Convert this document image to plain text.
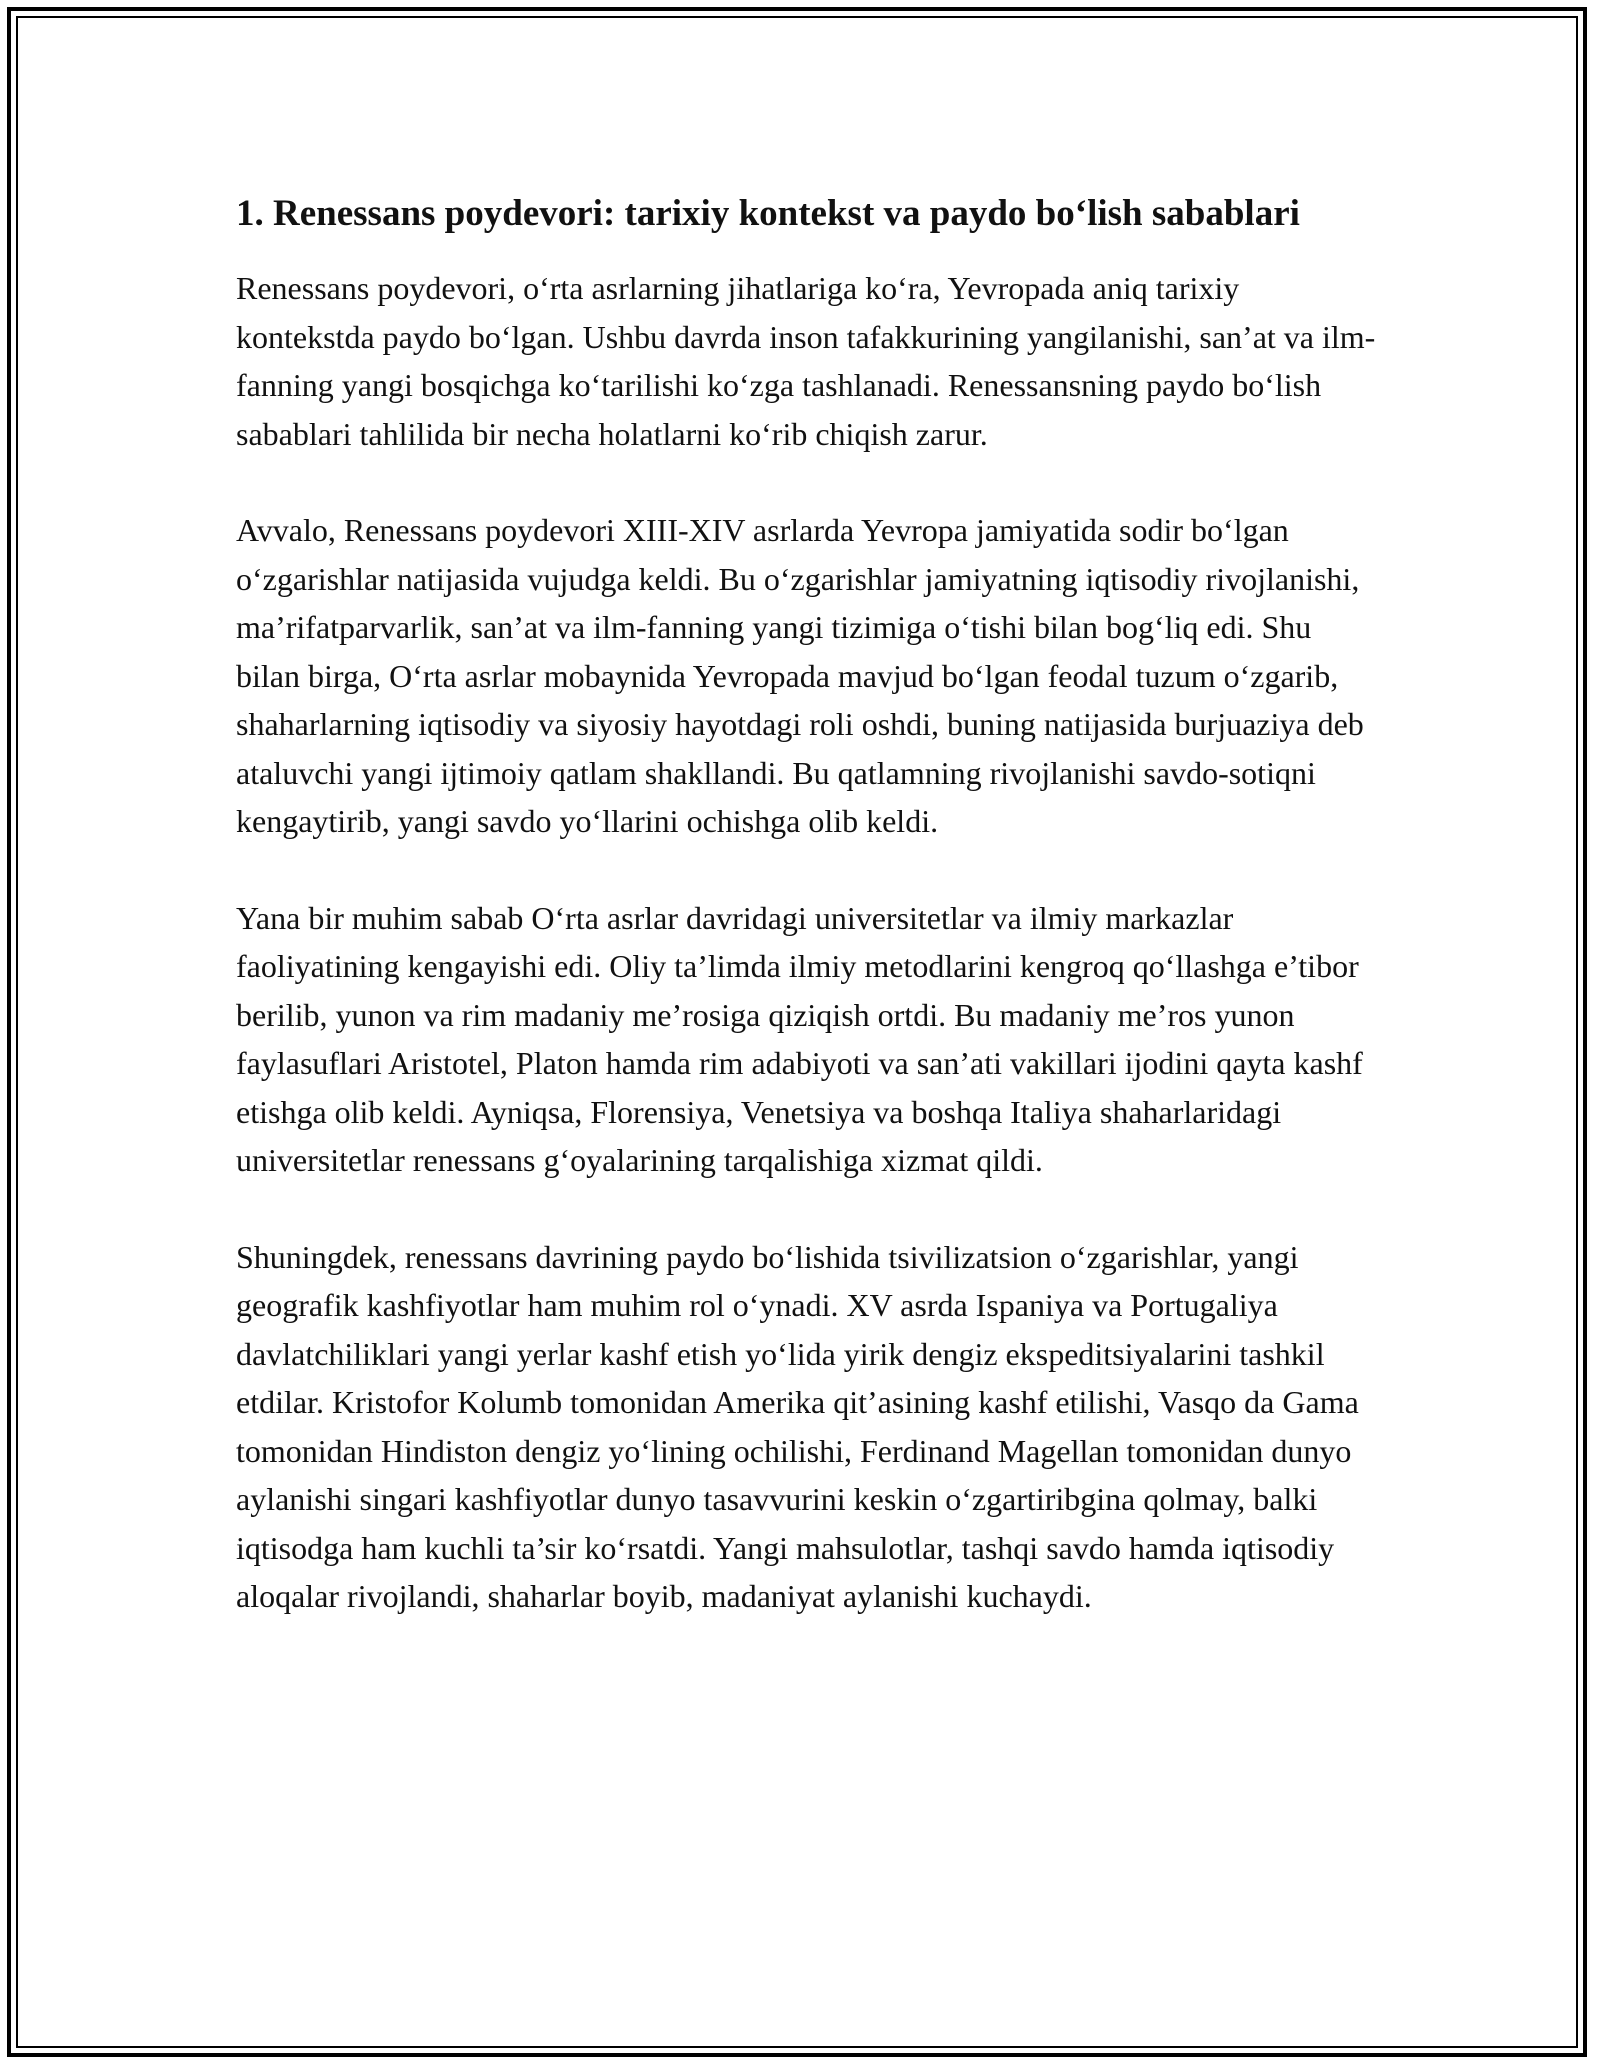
1. Renessans poydevori: tarixiy kontekst va paydo bo‘lish sabablari

Renessans poydevori, o‘rta asrlarning jihatlariga ko‘ra, Yevropada aniq tarixiy kontekstda paydo bo‘lgan. Ushbu davrda inson tafakkurining yangilanishi, san’at va ilm-fanning yangi bosqichga ko‘tarilishi ko‘zga tashlanadi. Renessansning paydo bo‘lish sabablari tahlilida bir necha holatlarni ko‘rib chiqish zarur.

Avvalo, Renessans poydevori XIII-XIV asrlarda Yevropa jamiyatida sodir bo‘lgan o‘zgarishlar natijasida vujudga keldi. Bu o‘zgarishlar jamiyatning iqtisodiy rivojlanishi, ma’rifatparvarlik, san’at va ilm-fanning yangi tizimiga o‘tishi bilan bog‘liq edi. Shu bilan birga, O‘rta asrlar mobaynida Yevropada mavjud bo‘lgan feodal tuzum o‘zgarib, shaharlarning iqtisodiy va siyosiy hayotdagi roli oshdi, buning natijasida burjuaziya deb ataluvchi yangi ijtimoiy qatlam shakllandi. Bu qatlamning rivojlanishi savdo-sotiqni kengaytirib, yangi savdo yo‘llarini ochishga olib keldi.

Yana bir muhim sabab O‘rta asrlar davridagi universitetlar va ilmiy markazlar faoliyatining kengayishi edi. Oliy ta’limda ilmiy metodlarini kengroq qo‘llashga e’tibor berilib, yunon va rim madaniy me’rosiga qiziqish ortdi. Bu madaniy me’ros yunon faylasuflari Aristotel, Platon hamda rim adabiyoti va san’ati vakillari ijodini qayta kashf etishga olib keldi. Ayniqsa, Florensiya, Venetsiya va boshqa Italiya shaharlaridagi universitetlar renessans g‘oyalarining tarqalishiga xizmat qildi.

Shuningdek, renessans davrining paydo bo‘lishida tsivilizatsion o‘zgarishlar, yangi geografik kashfiyotlar ham muhim rol o‘ynadi. XV asrda Ispaniya va Portugaliya davlatchiliklari yangi yerlar kashf etish yo‘lida yirik dengiz ekspeditsiyalarini tashkil etdilar. Kristofor Kolumb tomonidan Amerika qit’asining kashf etilishi, Vasqo da Gama tomonidan Hindiston dengiz yo‘lining ochilishi, Ferdinand Magellan tomonidan dunyo aylanishi singari kashfiyotlar dunyo tasavvurini keskin o‘zgartiribgina qolmay, balki iqtisodga ham kuchli ta’sir ko‘rsatdi. Yangi mahsulotlar, tashqi savdo hamda iqtisodiy aloqalar rivojlandi, shaharlar boyib, madaniyat aylanishi kuchaydi.
